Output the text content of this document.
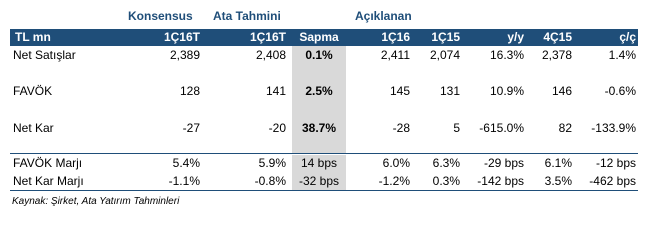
Konsensus Ata Tahmini	Açıklanan
TL mn	1Ç16T	1Ç16T	Sapma	1Ç16	1Ç15	y/y	4Ç15	ç/ç
Net Satışlar	2,389	2,408	0.1%	2,411	2,074	16.3%	2,378	1.4%
FAVÖK	128	141	2.5%	145	131	10.9%	146	-0.6%
Net Kar	-27	-20	38.7%	-28	5	-615.0%	82	-133.9%
FAVÖK Marjı	5.4%	5.9%	14 bps	6.0%	6.3%	-29 bps	6.1%	-12 bps
Net Kar Marjı	-1.1%	-0.8%	-32 bps	-1.2%	0.3%	-142 bps	3.5%	-462 bps
Kaynak: Şirket, Ata Yatırım Tahminleri
